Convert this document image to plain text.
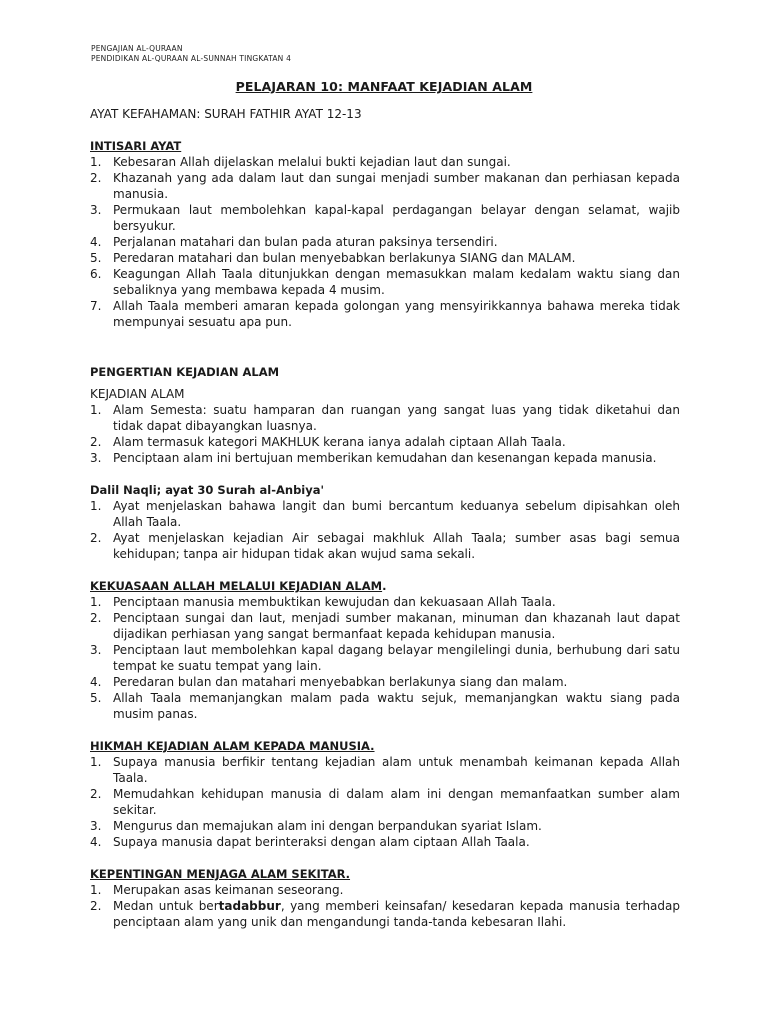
PENGAJIAN AL-QURAAN
PENDIDIKAN AL-QURAAN AL-SUNNAH TINGKATAN 4
PELAJARAN 10: MANFAAT KEJADIAN ALAM

AYAT KEFAHAMAN: SURAH FATHIR AYAT 12-13

INTISARI AYAT

1. Kebesaran Allah dijelaskan melalui bukti kejadian laut dan sungai.
2. Khazanah yang ada dalam laut dan sungai menjadi sumber makanan dan perhiasan kepada manusia.
3. Permukaan laut membolehkan kapal-kapal perdagangan belayar dengan selamat, wajib bersyukur.
4. Perjalanan matahari dan bulan pada aturan paksinya tersendiri.
5. Peredaran matahari dan bulan menyebabkan berlakunya SIANG dan MALAM.
6. Keagungan Allah Taala ditunjukkan dengan memasukkan malam kedalam waktu siang dan sebaliknya yang membawa kepada 4 musim.
7. Allah Taala memberi amaran kepada golongan yang mensyirikkannya bahawa mereka tidak mempunyai sesuatu apa pun.

PENGERTIAN KEJADIAN ALAM

KEJADIAN ALAM

1. Alam Semesta: suatu hamparan dan ruangan yang sangat luas yang tidak diketahui dan tidak dapat dibayangkan luasnya.
2. Alam termasuk kategori MAKHLUK kerana ianya adalah ciptaan Allah Taala.
3. Penciptaan alam ini bertujuan memberikan kemudahan dan kesenangan kepada manusia.

Dalil Naqli; ayat 30 Surah al-Anbiya'

1. Ayat menjelaskan bahawa langit dan bumi bercantum keduanya sebelum dipisahkan oleh Allah Taala.
2. Ayat menjelaskan kejadian Air sebagai makhluk Allah Taala; sumber asas bagi semua kehidupan; tanpa air hidupan tidak akan wujud sama sekali.

KEKUASAAN ALLAH MELALUI KEJADIAN ALAM.

1. Penciptaan manusia membuktikan kewujudan dan kekuasaan Allah Taala.
2. Penciptaan sungai dan laut, menjadi sumber makanan, minuman dan khazanah laut dapat dijadikan perhiasan yang sangat bermanfaat kepada kehidupan manusia.
3. Penciptaan laut membolehkan kapal dagang belayar mengilelingi dunia, berhubung dari satu tempat ke suatu tempat yang lain.
4. Peredaran bulan dan matahari menyebabkan berlakunya siang dan malam.
5. Allah Taala memanjangkan malam pada waktu sejuk, memanjangkan waktu siang pada musim panas.

HIKMAH KEJADIAN ALAM KEPADA MANUSIA.

1. Supaya manusia berfikir tentang kejadian alam untuk menambah keimanan kepada Allah Taala.
2. Memudahkan kehidupan manusia di dalam alam ini dengan memanfaatkan sumber alam sekitar.
3. Mengurus dan memajukan alam ini dengan berpandukan syariat Islam.
4. Supaya manusia dapat berinteraksi dengan alam ciptaan Allah Taala.

KEPENTINGAN MENJAGA ALAM SEKITAR.

1. Merupakan asas keimanan seseorang.
2. Medan untuk bertadabbur, yang memberi keinsafan/ kesedaran kepada manusia terhadap penciptaan alam yang unik dan mengandungi tanda-tanda kebesaran Ilahi.
